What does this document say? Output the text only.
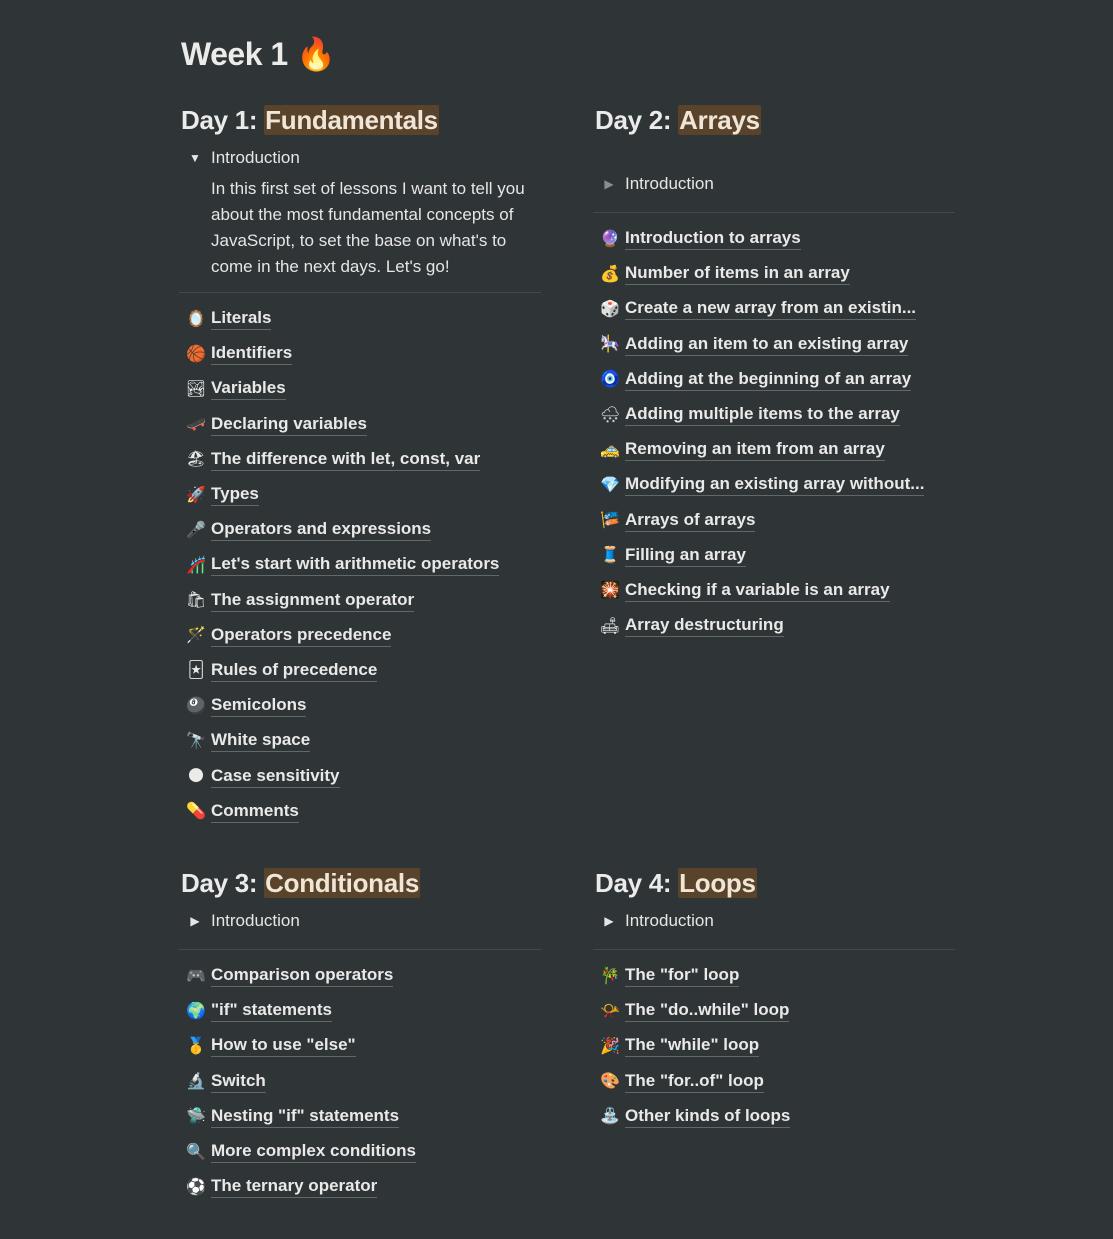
Week 1 🔥
Day 1: Fundamentals
▼ Introduction
In this first set of lessons I want to tell you about the most fundamental concepts of JavaScript, to set the base on what's to come in the next days. Let's go!
🪞 Literals
🏀 Identifiers
🏞 Variables
🛹 Declaring variables
🏖 The difference with let, const, var
🚀 Types
🎤 Operators and expressions
🎢 Let's start with arithmetic operators
🛍 The assignment operator
🪄 Operators precedence
🃏 Rules of precedence
🎱 Semicolons
🔭 White space
🌑 Case sensitivity
💊 Comments
Day 2: Arrays
▶ Introduction
🔮 Introduction to arrays
💰 Number of items in an array
🎲 Create a new array from an existin...
🎠 Adding an item to an existing array
🧿 Adding at the beginning of an array
🌨 Adding multiple items to the array
🚕 Removing an item from an array
💎 Modifying an existing array without...
🎏 Arrays of arrays
🧵 Filling an array
🎇 Checking if a variable is an array
🛋 Array destructuring
Day 3: Conditionals
▶ Introduction
🎮 Comparison operators
🌍 "if" statements
🥇 How to use "else"
🔬 Switch
🛸 Nesting "if" statements
🔍 More complex conditions
⚽ The ternary operator
Day 4: Loops
▶ Introduction
🎋 The "for" loop
📯 The "do..while" loop
🎉 The "while" loop
🎨 The "for..of" loop
⛲ Other kinds of loops
